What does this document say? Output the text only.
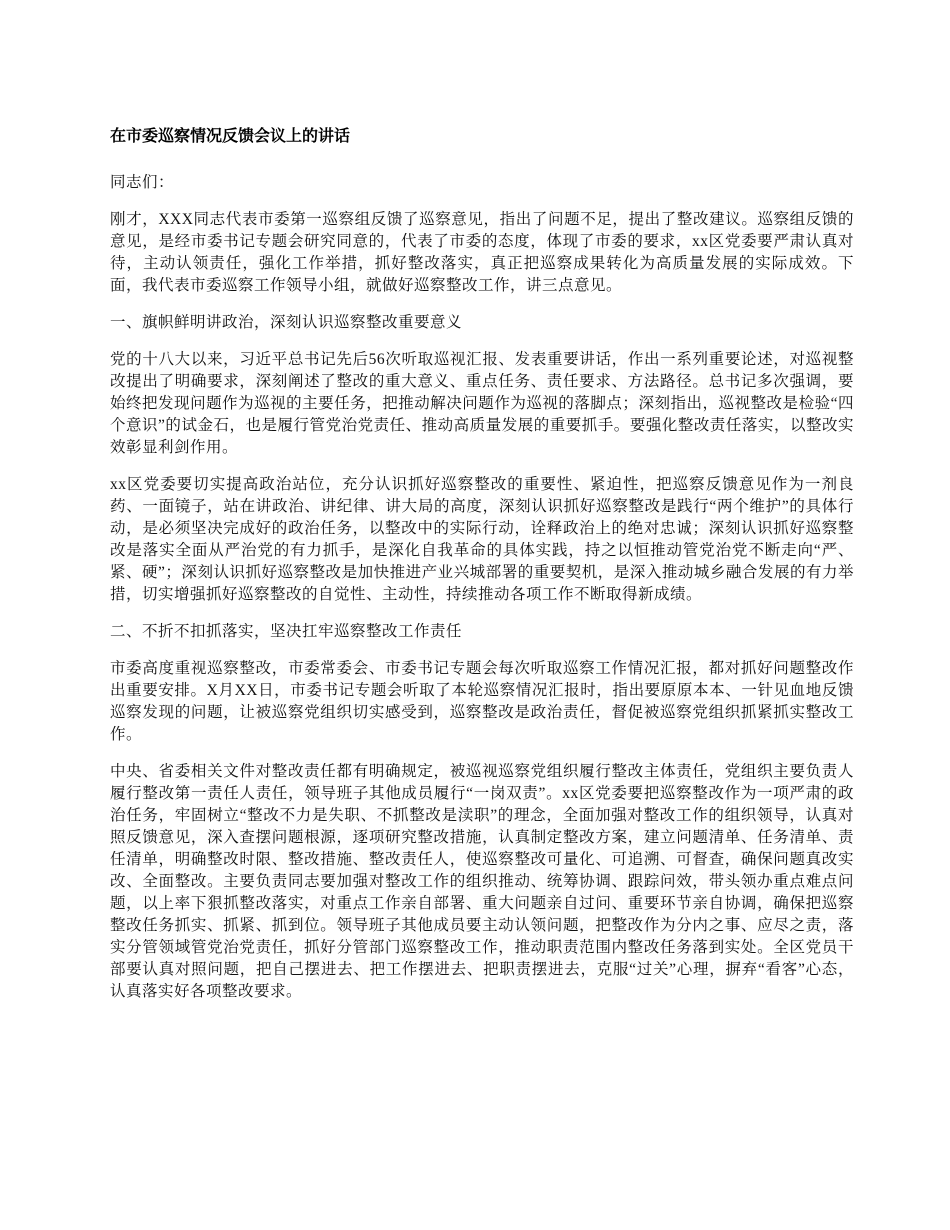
在市委巡察情况反馈会议上的讲话

同志们：

刚才，XXX同志代表市委第一巡察组反馈了巡察意见，指出了问题不足，提出了整改建议。巡察组反馈的意见，是经市委书记专题会研究同意的，代表了市委的态度，体现了市委的要求，xx区党委要严肃认真对待，主动认领责任，强化工作举措，抓好整改落实，真正把巡察成果转化为高质量发展的实际成效。下面，我代表市委巡察工作领导小组，就做好巡察整改工作，讲三点意见。

一、旗帜鲜明讲政治，深刻认识巡察整改重要意义

党的十八大以来，习近平总书记先后56次听取巡视汇报、发表重要讲话，作出一系列重要论述，对巡视整改提出了明确要求，深刻阐述了整改的重大意义、重点任务、责任要求、方法路径。总书记多次强调，要始终把发现问题作为巡视的主要任务，把推动解决问题作为巡视的落脚点；深刻指出，巡视整改是检验“四个意识”的试金石，也是履行管党治党责任、推动高质量发展的重要抓手。要强化整改责任落实，以整改实效彰显利剑作用。

xx区党委要切实提高政治站位，充分认识抓好巡察整改的重要性、紧迫性，把巡察反馈意见作为一剂良药、一面镜子，站在讲政治、讲纪律、讲大局的高度，深刻认识抓好巡察整改是践行“两个维护”的具体行动，是必须坚决完成好的政治任务，以整改中的实际行动，诠释政治上的绝对忠诚；深刻认识抓好巡察整改是落实全面从严治党的有力抓手，是深化自我革命的具体实践，持之以恒推动管党治党不断走向“严、紧、硬”；深刻认识抓好巡察整改是加快推进产业兴城部署的重要契机，是深入推动城乡融合发展的有力举措，切实增强抓好巡察整改的自觉性、主动性，持续推动各项工作不断取得新成绩。

二、不折不扣抓落实，坚决扛牢巡察整改工作责任

市委高度重视巡察整改，市委常委会、市委书记专题会每次听取巡察工作情况汇报，都对抓好问题整改作出重要安排。X月XX日，市委书记专题会听取了本轮巡察情况汇报时，指出要原原本本、一针见血地反馈巡察发现的问题，让被巡察党组织切实感受到，巡察整改是政治责任，督促被巡察党组织抓紧抓实整改工作。

中央、省委相关文件对整改责任都有明确规定，被巡视巡察党组织履行整改主体责任，党组织主要负责人履行整改第一责任人责任，领导班子其他成员履行“一岗双责”。xx区党委要把巡察整改作为一项严肃的政治任务，牢固树立“整改不力是失职、不抓整改是渎职”的理念，全面加强对整改工作的组织领导，认真对照反馈意见，深入查摆问题根源，逐项研究整改措施，认真制定整改方案，建立问题清单、任务清单、责任清单，明确整改时限、整改措施、整改责任人，使巡察整改可量化、可追溯、可督查，确保问题真改实改、全面整改。主要负责同志要加强对整改工作的组织推动、统筹协调、跟踪问效，带头领办重点难点问题，以上率下狠抓整改落实，对重点工作亲自部署、重大问题亲自过问、重要环节亲自协调，确保把巡察整改任务抓实、抓紧、抓到位。领导班子其他成员要主动认领问题，把整改作为分内之事、应尽之责，落实分管领域管党治党责任，抓好分管部门巡察整改工作，推动职责范围内整改任务落到实处。全区党员干部要认真对照问题，把自己摆进去、把工作摆进去、把职责摆进去，克服“过关”心理，摒弃“看客”心态，认真落实好各项整改要求。
